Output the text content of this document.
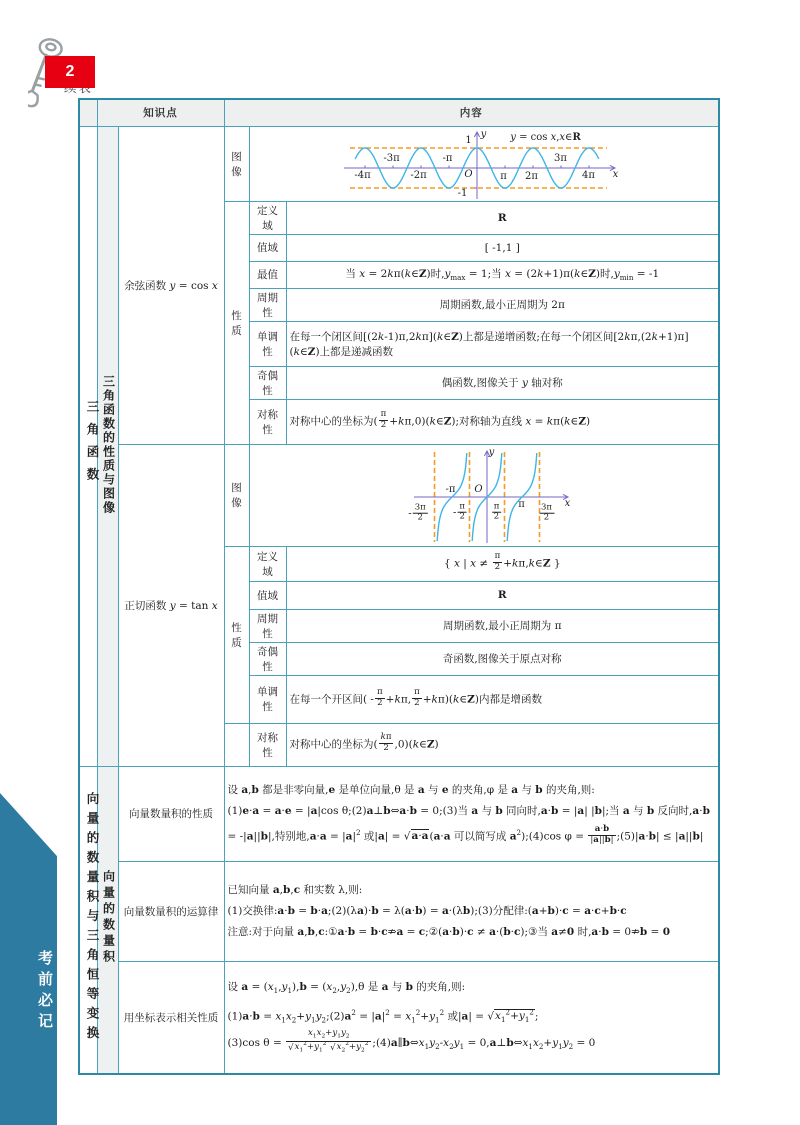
2
考前必记
	知识点		内容		
三角函数	三角函数的性质与图像	余弦函数 y = cos x	图像	
1
-1
y
x
O
-3π	-π	3π
-4π	-2π	π 2π	4π
y = cos x,x∈R

			性质	定义域	R
				值域	[ -1,1 ]
				最值	当 x = 2kπ(k∈Z)时$,y_{max} = 1$;当 x = (2k+1)π(k∈Z)时$,y_{min} = -1$
				周期性	周期函数,最小正周期为 2π
				单调性	在每一个闭区间[(2k-1)π,2kπ](k∈Z)上都是递增函数;在每一个闭区间[2kπ,(2k+1)π](k∈Z)上都是递减函数
				奇偶性	偶函数,图像关于 y 轴对称
				对称性	对称中心的坐标为( $\frac{\pi}{2}$ +kπ,0)(k∈Z);对称轴为直线 x = kπ(k∈Z)
正切函数 y = tan x	图像	
y
x
O
-π
π
- $\frac{3\pi}{2}$	- $\frac{\pi}{2}$	$\frac{\pi}{2}$	$\frac{3\pi}{2}$

			性质	定义域	{ x | $x \ne \frac{\pi}{2}$ +kπ,k∈Z }
				值域	R
				周期性	周期函数,最小正周期为 π
				奇偶性	奇函数,图像关于原点对称
单调性	在每一个开区间( - $\frac{\pi}{2} +k\pi$, $\frac{\pi}{2}$ +kπ)(k∈Z)内都是增函数
				对称性	对称中心的坐标为( $\frac{k\pi}{2}$ ,0)(k∈Z)
向量的数量积与三角恒等变换	向量的数量积	向量数量积的性质	设 a,b 都是非零向量,e 是单位向量,θ 是 a 与 e 的夹角,φ 是 a 与 b 的夹角,则:
(1)e·a = a·e = |a|cos θ;(2)a⊥b⇔a·b = 0;(3)当 a 与 b 同向时,a·b = |a| |b|;当 a 与 b 反向时,a·b = -|a||b|,特别地$,a\cdot a = |a|^2$ 或|a| = √a·a(a·a 可以简写成 $a^2);(4)\cos$ $\varphi = \frac{a\cdot b}{|a||b|}$ ;(5)|a·b| ≤ |a||b|		

		向量数量积的运算律	已知向量 a,b,c 和实数 λ,则:
(1)交换律:a·b = b·a;(2)(λa)·b = λ(a·b) = a·(λb);(3)分配律:(a+b)·c = a·c+b·c
注意:对于向量 a,b,c:①a·b = b·c⇏a = c;②(a·b)·c ≠ a·(b·c);③当 a≠0 时,a·b = 0⇏b = 0		

用坐标表示相关性质	
设 $a = (x_1,y_1),b = (x_2,y_2),\theta$ 是 a 与 b 的夹角,则:
$(1)a\cdot b = x_1x_2+y_1y_2;(2)a^2 = |a|^2 = x_1^2+y_1^2$ 或$|a| = √x_1^2+y_1^2$;
(3)cos $\theta = \frac{x_1x_2+y_1y_2}{√x_1^2+y_1^2 √x_2^2+y_2^2}$ $;(4)a\parallel b\Leftrightarrow x_1y_2-x_2y_1$ = $0,a\perp b\Leftrightarrow x_1x_2+y_1y_2 = 0$
